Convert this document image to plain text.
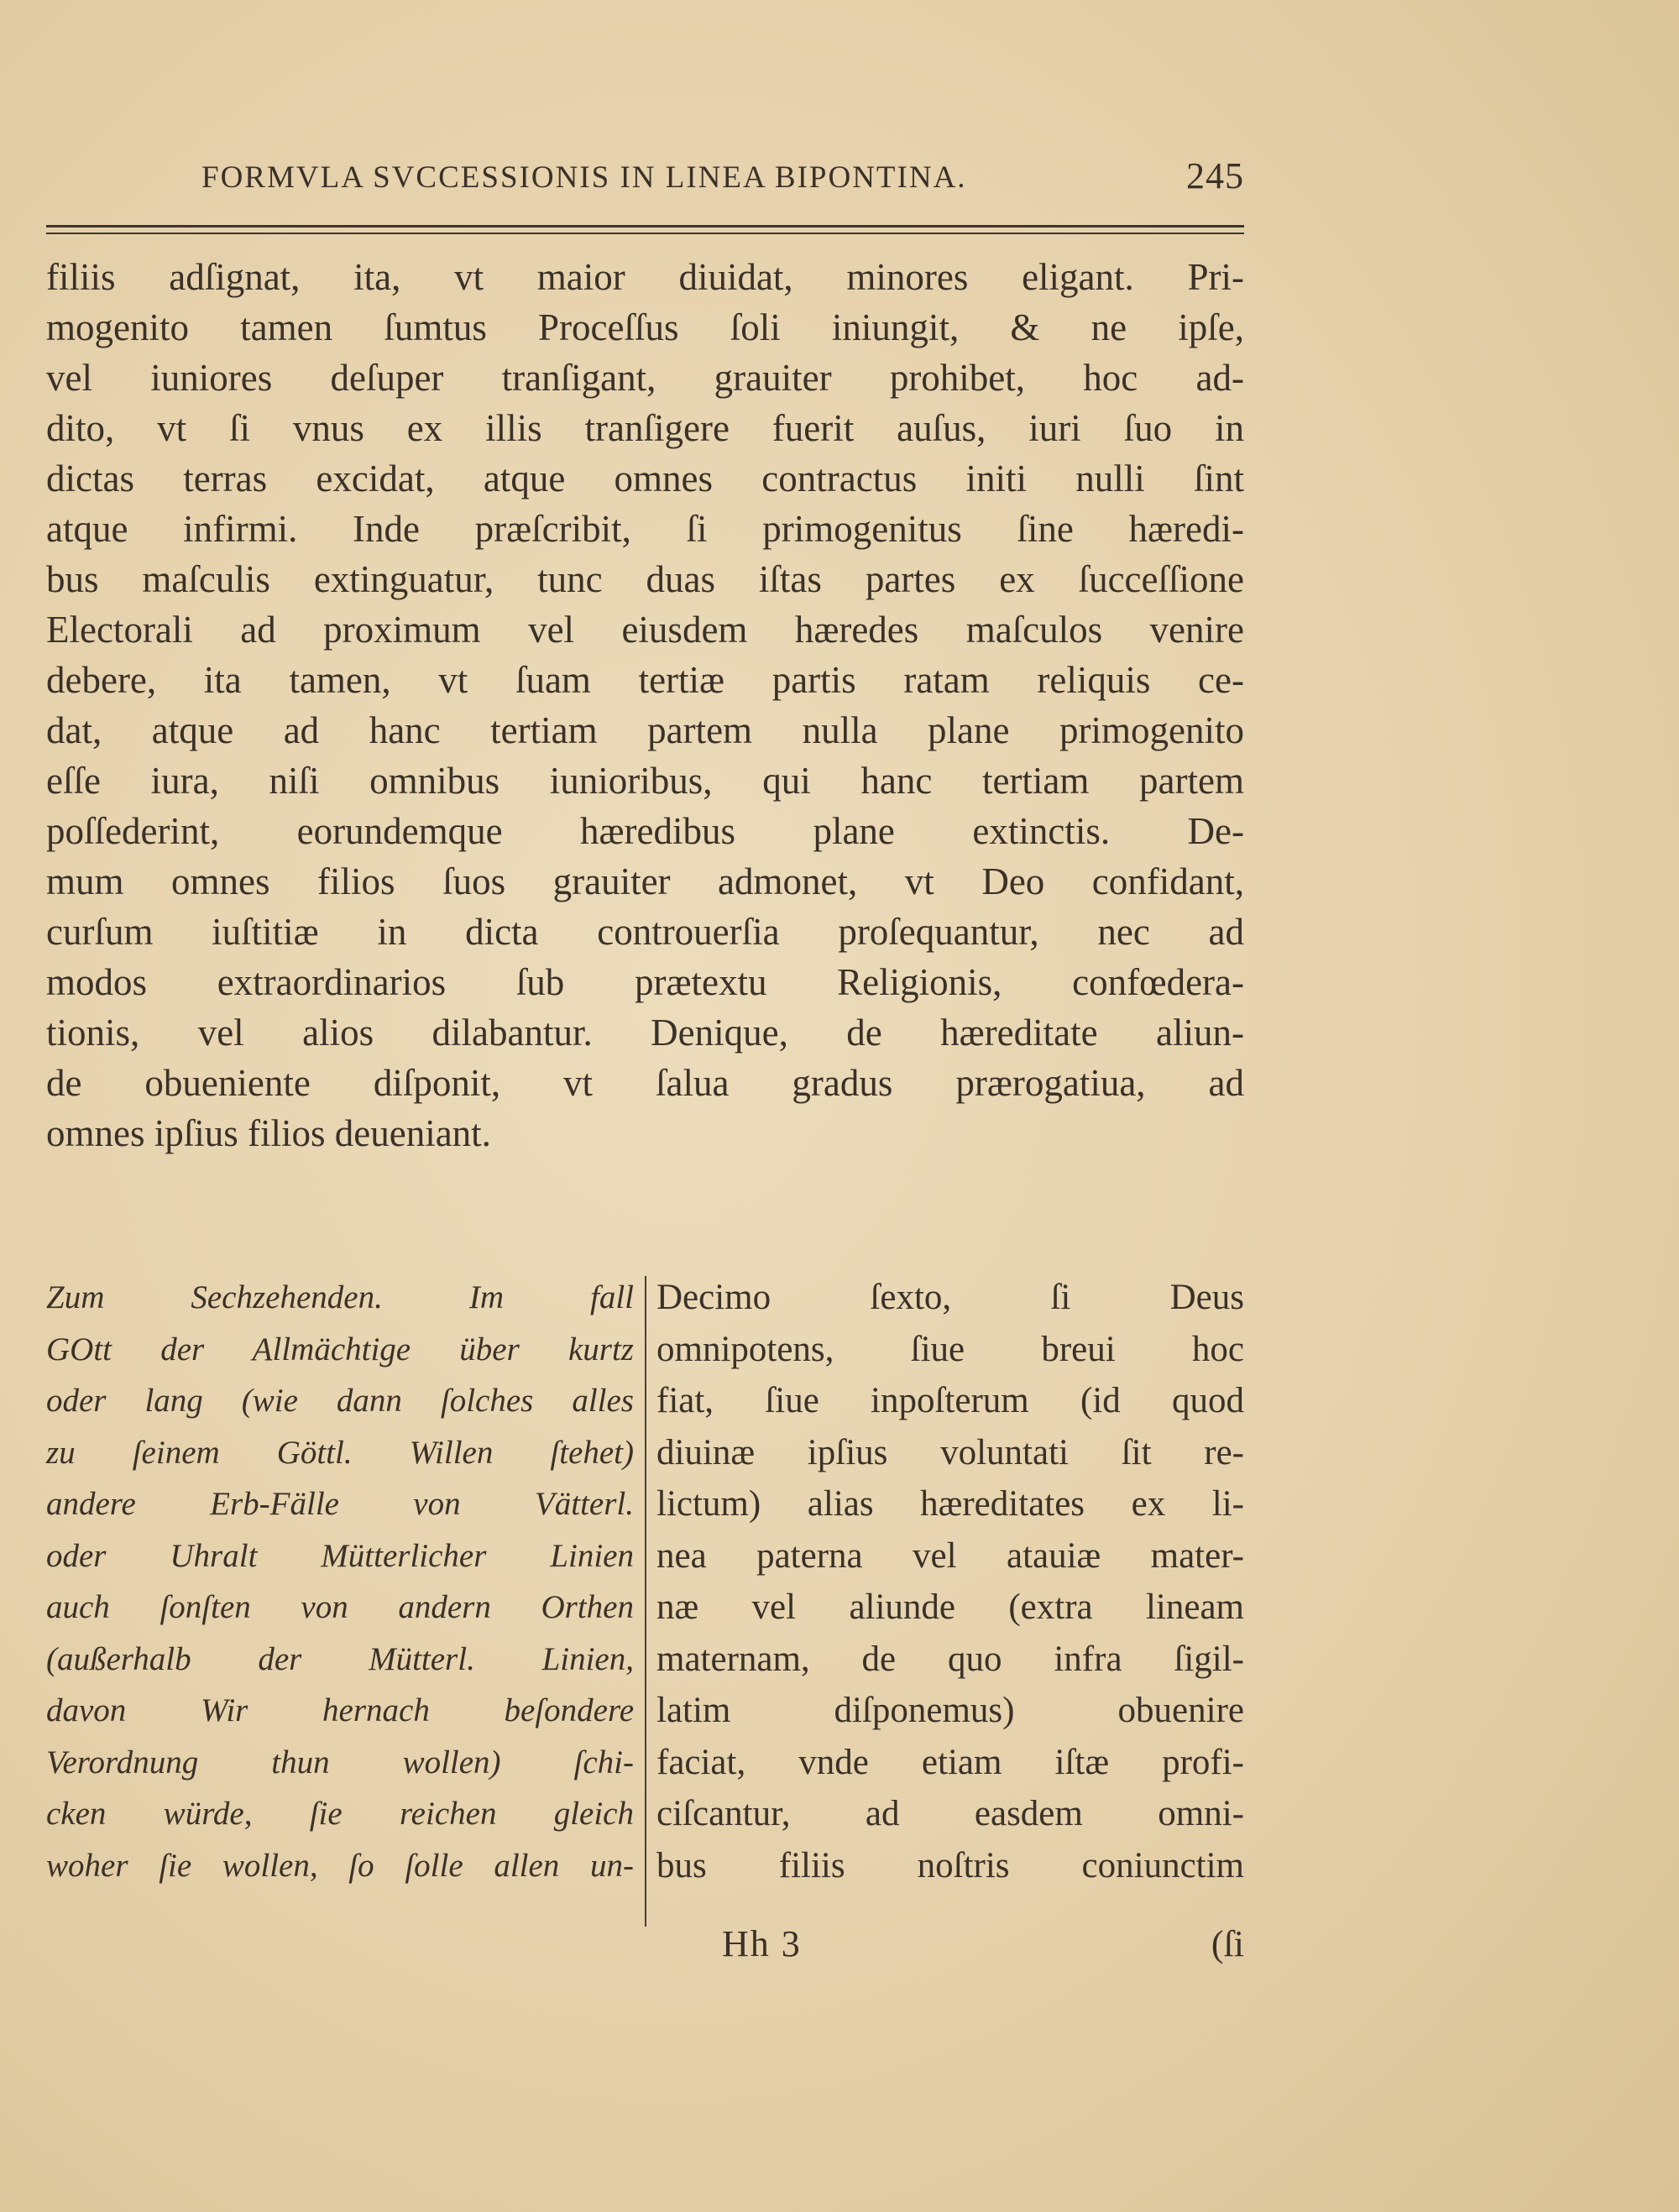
FORMVLA SVCCESSIONIS IN LINEA BIPONTINA.	245
filiis adſignat, ita, vt maior diuidat, minores eligant. Pri-
mogenito tamen ſumtus Proceſſus ſoli iniungit, & ne ipſe,
vel iuniores deſuper tranſigant, grauiter prohibet, hoc ad-
dito, vt ſi vnus ex illis tranſigere fuerit auſus, iuri ſuo in
dictas terras excidat, atque omnes contractus initi nulli ſint
atque infirmi. Inde præſcribit, ſi primogenitus ſine hæredi-
bus maſculis extinguatur, tunc duas iſtas partes ex ſucceſſione
Electorali ad proximum vel eiusdem hæredes maſculos venire
debere, ita tamen, vt ſuam tertiæ partis ratam reliquis ce-
dat, atque ad hanc tertiam partem nulla plane primogenito
eſſe iura, niſi omnibus iunioribus, qui hanc tertiam partem
poſſederint, eorundemque hæredibus plane extinctis. De-
mum omnes filios ſuos grauiter admonet, vt Deo confidant,
curſum iuſtitiæ in dicta controuerſia proſequantur, nec ad
modos extraordinarios ſub prætextu Religionis, confœdera-
tionis, vel alios dilabantur. Denique, de hæreditate aliun-
de obueniente diſponit, vt ſalua gradus prærogatiua, ad
omnes ipſius filios deueniant.
Zum Sechzehenden. Im fall
GOtt der Allmächtige über kurtz
oder lang (wie dann ſolches alles
zu ſeinem Göttl. Willen ſtehet)
andere Erb-Fälle von Vätterl.
oder Uhralt Mütterlicher Linien
auch ſonſten von andern Orthen
(außerhalb der Mütterl. Linien,
davon Wir hernach beſondere
Verordnung thun wollen) ſchi-
cken würde, ſie reichen gleich
woher ſie wollen, ſo ſolle allen un-
Decimo ſexto, ſi Deus
omnipotens, ſiue breui hoc
fiat, ſiue inpoſterum (id quod
diuinæ ipſius voluntati ſit re-
lictum) alias hæreditates ex li-
nea paterna vel atauiæ mater-
næ vel aliunde (extra lineam
maternam, de quo infra ſigil-
latim diſponemus) obuenire
faciat, vnde etiam iſtæ profi-
ciſcantur, ad easdem omni-
bus filiis noſtris coniunctim
Hh 3	(ſi
